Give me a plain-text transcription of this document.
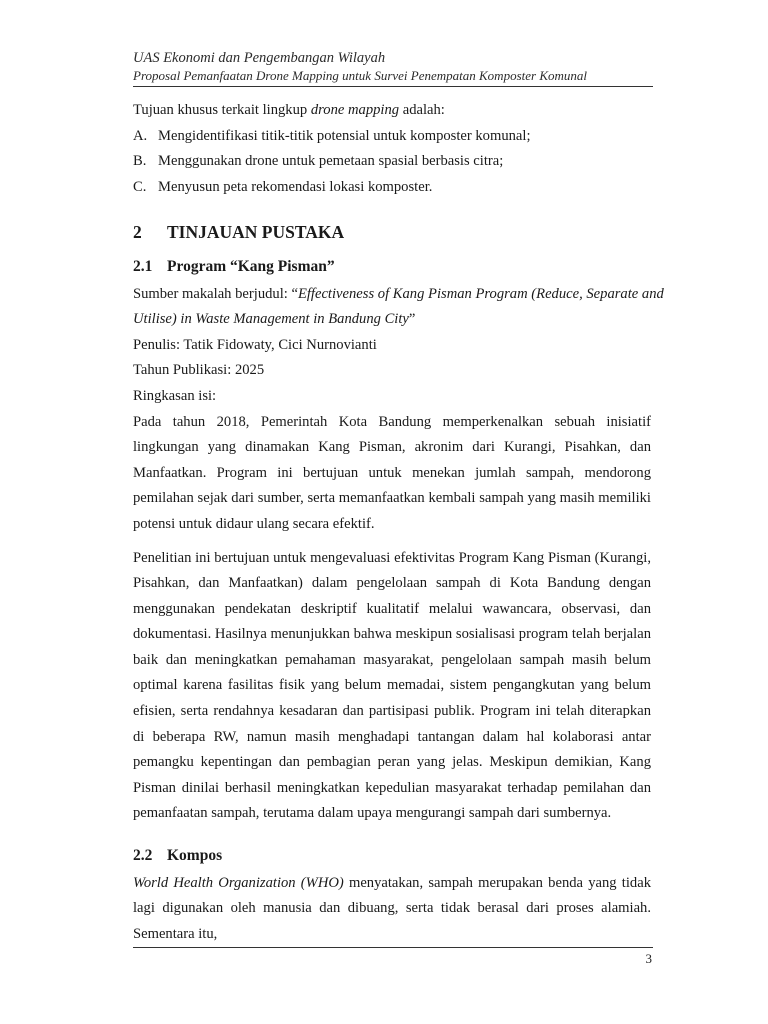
UAS Ekonomi dan Pengembangan Wilayah
Proposal Pemanfaatan Drone Mapping untuk Survei Penempatan Komposter Komunal

Tujuan khusus terkait lingkup drone mapping adalah:

A. Mengidentifikasi titik-titik potensial untuk komposter komunal;
B. Menggunakan drone untuk pemetaan spasial berbasis citra;
C. Menyusun peta rekomendasi lokasi komposter.
2 TINJAUAN PUSTAKA
2.1 Program “Kang Pisman”

Sumber makalah berjudul: “Effectiveness of Kang Pisman Program (Reduce, Separate and

Utilise) in Waste Management in Bandung City”

Penulis: Tatik Fidowaty, Cici Nurnovianti

Tahun Publikasi: 2025

Ringkasan isi:

Pada tahun 2018, Pemerintah Kota Bandung memperkenalkan sebuah inisiatif lingkungan yang dinamakan Kang Pisman, akronim dari Kurangi, Pisahkan, dan Manfaatkan. Program ini bertujuan untuk menekan jumlah sampah, mendorong pemilahan sejak dari sumber, serta memanfaatkan kembali sampah yang masih memiliki potensi untuk didaur ulang secara efektif.

Penelitian ini bertujuan untuk mengevaluasi efektivitas Program Kang Pisman (Kurangi, Pisahkan, dan Manfaatkan) dalam pengelolaan sampah di Kota Bandung dengan menggunakan pendekatan deskriptif kualitatif melalui wawancara, observasi, dan dokumentasi. Hasilnya menunjukkan bahwa meskipun sosialisasi program telah berjalan baik dan meningkatkan pemahaman masyarakat, pengelolaan sampah masih belum optimal karena fasilitas fisik yang belum memadai, sistem pengangkutan yang belum efisien, serta rendahnya kesadaran dan partisipasi publik. Program ini telah diterapkan di beberapa RW, namun masih menghadapi tantangan dalam hal kolaborasi antar pemangku kepentingan dan pembagian peran yang jelas. Meskipun demikian, Kang Pisman dinilai berhasil meningkatkan kepedulian masyarakat terhadap pemilahan dan pemanfaatan sampah, terutama dalam upaya mengurangi sampah dari sumbernya.

2.2 Kompos

World Health Organization (WHO) menyatakan, sampah merupakan benda yang tidak lagi digunakan oleh manusia dan dibuang, serta tidak berasal dari proses alamiah. Sementara itu,

3
